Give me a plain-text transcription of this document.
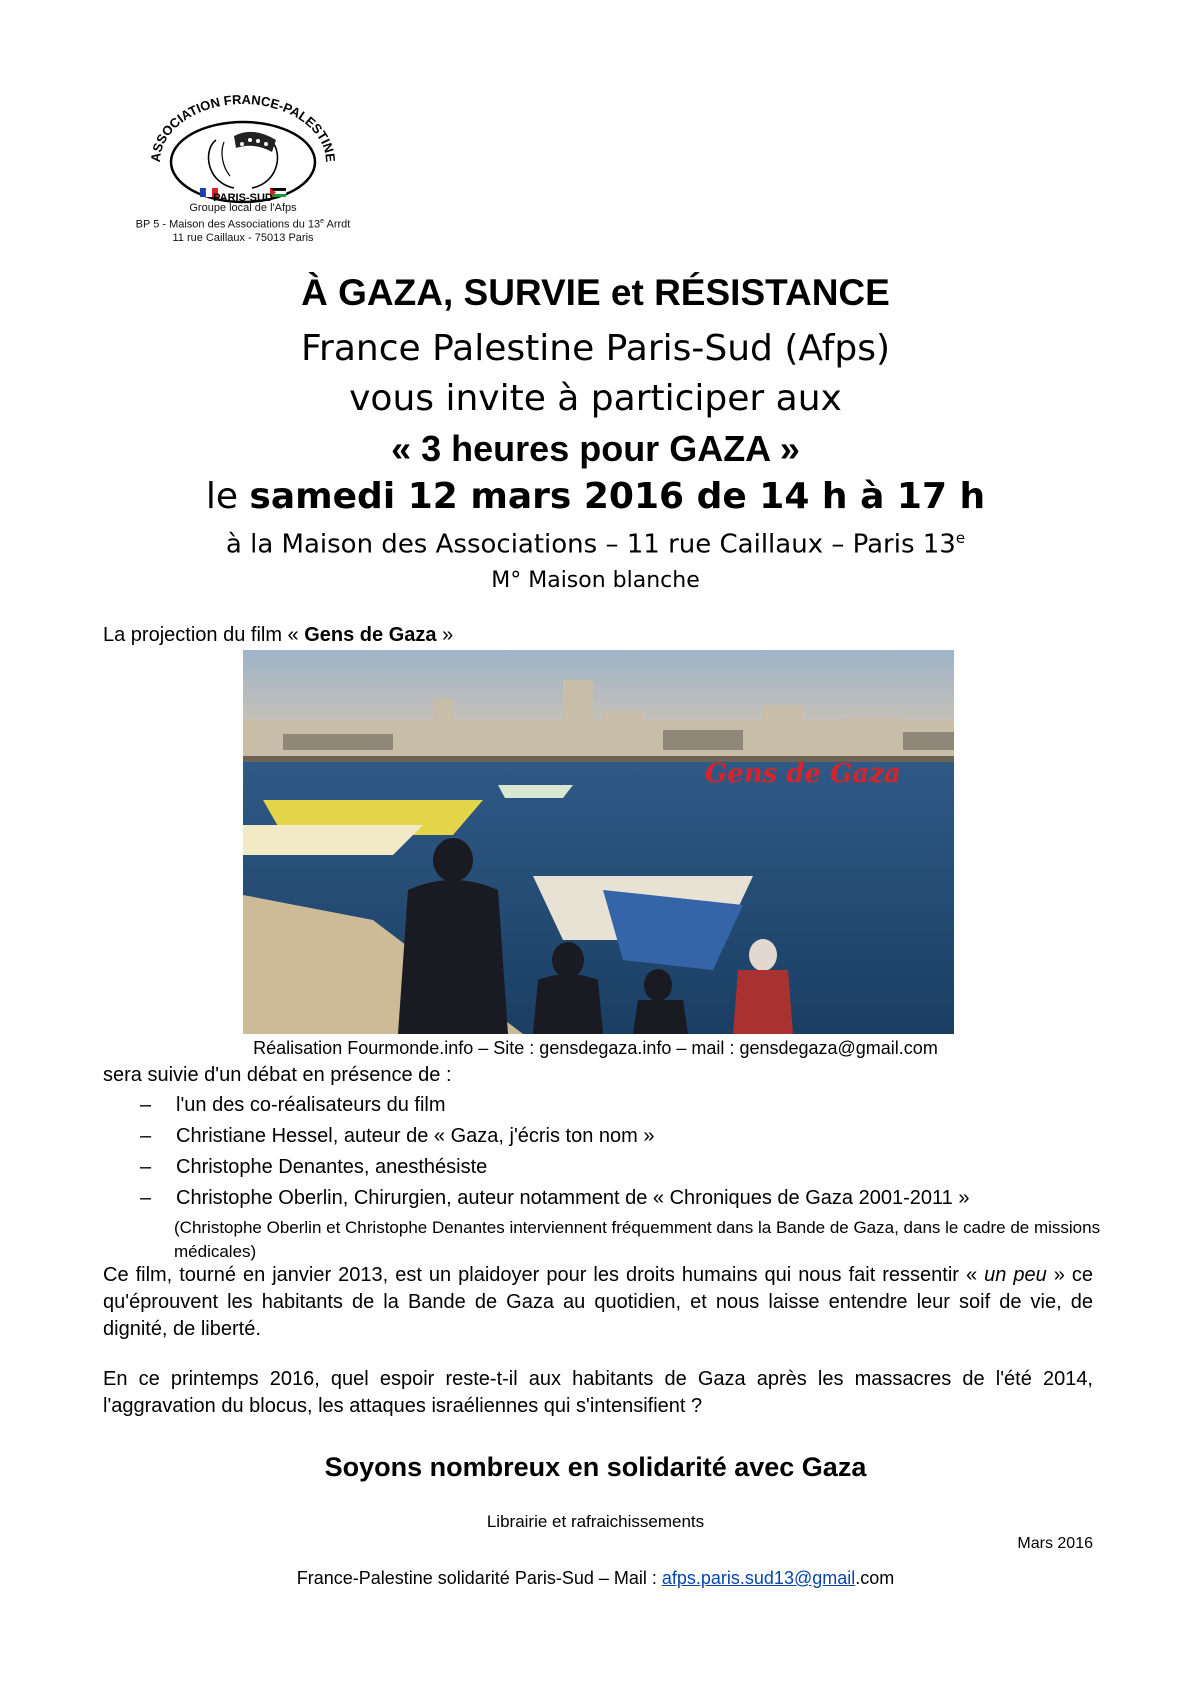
ASSOCIATION FRANCE-PALESTINE
PARIS-SUD
Groupe local de l'Afps
BP 5 - Maison des Associations du 13e Arrdt
11 rue Caillaux - 75013 Paris
À GAZA, SURVIE et RÉSISTANCE
France Palestine Paris-Sud (Afps)
vous invite à participer aux
« 3 heures pour GAZA »
le samedi 12 mars 2016 de 14 h à 17 h
à la Maison des Associations – 11 rue Caillaux – Paris 13e
M° Maison blanche
La projection du film « Gens de Gaza »
Gens de Gaza
Réalisation Fourmonde.info – Site : gensdegaza.info – mail : gensdegaza@gmail.com
sera suivie d'un débat en présence de :
– l'un des co-réalisateurs du film
– Christiane Hessel, auteur de « Gaza, j'écris ton nom »
– Christophe Denantes, anesthésiste
– Christophe Oberlin, Chirurgien, auteur notamment de « Chroniques de Gaza 2001-2011 »
(Christophe Oberlin et Christophe Denantes interviennent fréquemment dans la Bande de Gaza, dans le cadre de missions médicales)
Ce film, tourné en janvier 2013, est un plaidoyer pour les droits humains qui nous fait ressentir « un peu » ce qu'éprouvent les habitants de la Bande de Gaza au quotidien, et nous laisse entendre leur soif de vie, de dignité, de liberté.
En ce printemps 2016, quel espoir reste-t-il aux habitants de Gaza après les massacres de l'été 2014, l'aggravation du blocus, les attaques israéliennes qui s'intensifient ?
Soyons nombreux en solidarité avec Gaza
Librairie et rafraichissements
Mars 2016
France-Palestine solidarité Paris-Sud – Mail : afps.paris.sud13@gmail.com
